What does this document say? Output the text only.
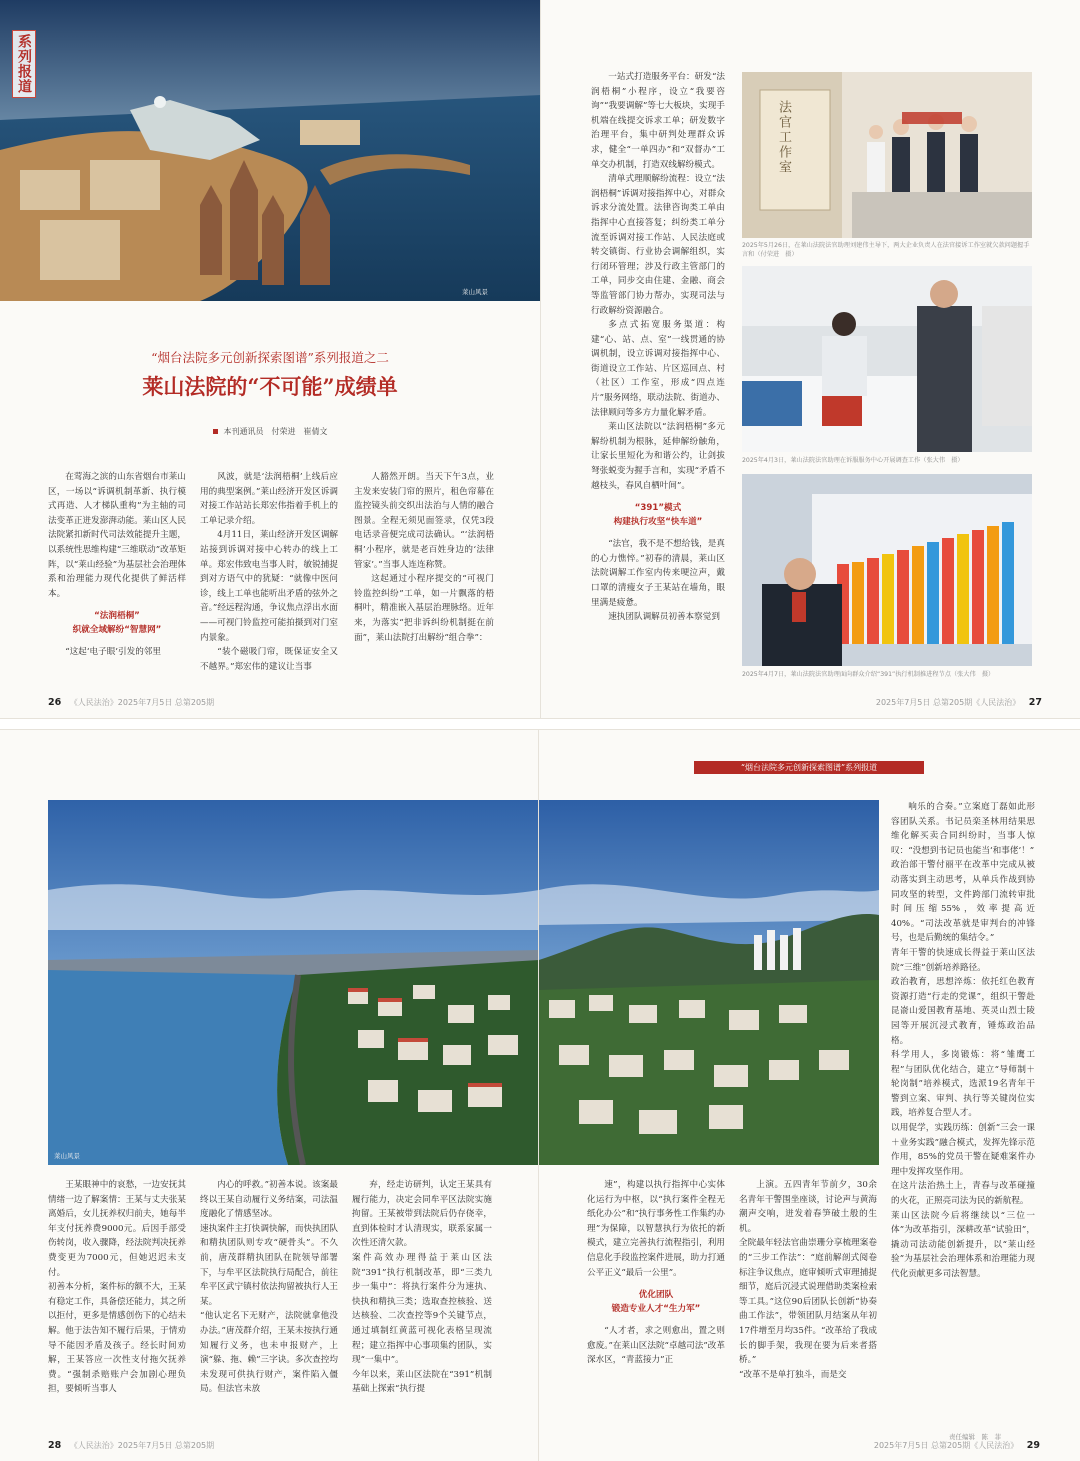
莱山风景
系列报道
“烟台法院多元创新探索图谱”系列报道之二
莱山法院的“不可能”成绩单
本刊通讯员　付荣进　崔倩文

在莺海之滨的山东省烟台市莱山区，一场以“诉调机制革新、执行模式再造、人才梯队重构”为主轴的司法变革正迸发澎湃动能。莱山区人民法院紧扣新时代司法效能提升主题，以系统性思维构建“三维联动”改革矩阵，以“莱山经验”为基层社会治理体系和治理能力现代化提供了鲜活样本。

“法润梧桐”
织就全域解纷“智慧网”

“这起‘电子眼’引发的邻里

风波，就是‘法润梧桐’上线后应用的典型案例。”莱山经济开发区诉调对接工作站站长郑宏伟指着手机上的工单记录介绍。

4月11日，莱山经济开发区调解站接到诉调对接中心转办的线上工单。郑宏伟致电当事人时，敏锐捕捉到对方语气中的犹疑：“就像中医问诊，线上工单也能听出矛盾的弦外之音。”经远程沟通，争议焦点浮出水面——可视门铃监控可能拍摄到对门室内景象。

“装个磁吸门帘，既保证安全又不越界。”郑宏伟的建议让当事

人豁然开朗。当天下午3点，业主发来安装门帘的照片，租色帘幕在监控镜头前交织出法治与人情的融合图景。全程无须见面签录，仅凭3段电话录音便完成司法确认。“‘法润梧桐’小程序，就是老百姓身边的‘法律管家’。”当事人连连称赞。

这起通过小程序提交的“可视门铃监控纠纷”工单，如一片飘落的梧桐叶，精准嵌入基层治理脉络。近年来，为落实“把非诉纠纷机制挺在前面”，莱山法院打出解纷“组合拳”：

26 《人民法治》2025年7月5日 总第205期

一站式打造服务平台：研发“法润梧桐”小程序，设立“我要咨询”“我要调解”等七大板块，实现手机端在线提交诉求工单；研发数字治理平台，集中研判处理群众诉求，健全“一单四办”和“双督办”工单交办机制，打造双线解纷模式。

清单式理顺解纷流程：设立“法润梧桐”诉调对接指挥中心，对群众诉求分流处置。法律咨询类工单由指挥中心直接答复；纠纷类工单分流至诉调对接工作站、人民法庭或转交镇街、行业协会调解组织，实行闭环管理；涉及行政主管部门的工单，同步交由住建、金融、商会等监管部门协力帮办，实现司法与行政解纷资源融合。

多点式拓宽服务渠道：构建“心、站、点、室”一线贯通的协调机制，设立诉调对接指挥中心、街道设立工作站、片区巡回点、村（社区）工作室，形成“四点连片”服务网络，联动法院、街道办、法律顾问等多方力量化解矛盾。

莱山区法院以“法润梧桐”多元解纷机制为根脉，延伸解纷触角，让家长里短化为和谐公约，让剑拔弩张蜕变为握手言和，实现“矛盾不越枝头，春风自栖叶间”。

“391”模式
构建执行攻坚“快车道”

“法官，我不是不想给钱，是真的心力憔悴。”初春的清晨，莱山区法院调解工作室内传来哽泣声，戴口罩的清瘦女子王某站在墙角，眼里满是疲惫。

速执团队调解员初善本察觉到

法官工作室
2025年5月26日，在莱山法院法官助理刘建伟主导下，两大企业负责人在法官接诉工作室就欠款问题握手言和（付荣进　摄）
2025年4月3日，莱山法院法官助理在诉服服务中心开展调查工作（张大伟　摄）
2025年4月7日，莱山法院法官助理面向群众介绍“391”执行机制推进程节点（张大伟　摄）
2025年7月5日 总第205期《人民法治》 27
莱山风景
王某眼神中的哀愁，一边安抚其情绪一边了解案情：王某与丈夫张某离婚后，女儿抚养权归前夫，她每半年支付抚养费9000元。后因手部受伤转岗，收入骤降，经法院判决抚养费变更为7000元，但她迟迟未支付。
初善本分析，案件标的额不大，王某有稳定工作，具备偿还能力，其之所以拒付，更多是情感创伤下的心结未解。他于法告知不履行后果，于情劝导不能因矛盾及孩子。经长时间劝解，王某答应一次性支付拖欠抚养费。“强制杀赔账户会加剧心理负担，要倾听当事人
内心的呼救。”初善本说。该案最终以王某自动履行义务结案，司法温度融化了情感坚冰。
速执案件主打快调快解，而快执团队和精执团队则专攻“硬骨头”。不久前，唐茂群精执团队在院领导部署下，与牟平区法院执行局配合，前往牟平区武宁镇村依法拘留被执行人王某。
“他认定名下无财产，法院就拿他没办法。”唐茂群介绍，王某未按执行通知履行义务，也未申报财产，上演“躲、拖、赖”三字诀。多次查控均未发现可供执行财产，案件陷入僵局。但法官未放
弃，经走访研判，认定王某具有履行能力，决定会同牟平区法院实施拘留。王某被带到法院后仍存侥幸，直到体检时才认清现实，联系家属一次性还清欠款。
案件高效办理得益于莱山区法院“391”执行机制改革，即“三类九步一集中”：将执行案件分为速执、快执和精执三类；选取查控核验、送达核验、二次查控等9个关键节点，通过填制红黄蓝可视化表格呈现流程；建立指挥中心事项集约团队，实现“一集中”。
今年以来，莱山区法院在“391”机制基础上探索“执行提
28 《人民法治》2025年7月5日 总第205期
“烟台法院多元创新探索图谱”系列报道
响乐的合奏。”立案庭丁磊如此形容团队关系。书记员栾圣林用结果思维化解买卖合同纠纷时，当事人惊叹：“没想到书记员也能当‘和事佬’！”
政治部干警付丽平在改革中完成从被动落实到主动思考，从单兵作战到协同攻坚的转型，文件跨部门流转审批时间压缩55%，效率提高近40%。“司法改革就是审判台的冲锋号，也是后勤统的集结令。”
青年干警的快速成长得益于莱山区法院“三维”创新培养路径。
政治教育，思想淬炼：依托红色教育资源打造“行走的党课”，组织干警赴昆嵛山爱国教育基地、英灵山烈士陵园等开展沉浸式教育，锤炼政治品格。
科学用人，多岗锻炼：将“雏鹰工程”与团队优化结合，建立“导师制＋轮岗制”培养模式，选派19名青年干警到立案、审判、执行等关键岗位实践，培养复合型人才。
以用促学，实践历练：创新“三会一课＋业务实践”融合模式，发挥先锋示范作用，85%的党员干警在疑难案件办理中发挥攻坚作用。
在这片法治热土上，青春与改革碰撞的火花，正照亮司法为民的新航程。
莱山区法院今后将继续以“三位一体”为改革指引，深耕改革“试验田”，撬动司法动能创新提升，以“莱山经验”为基层社会治理体系和治理能力现代化贡献更多司法智慧。

速”，构建以执行指挥中心实体化运行为中枢，以“执行案件全程无纸化办公”和“执行事务性工作集约办理”为保障，以智慧执行为依托的新模式，建立完善执行流程指引，利用信息化手段监控案件进展，助力打通公平正义“最后一公里”。

优化团队
锻造专业人才“生力军”

“人才者，求之则愈出，置之则愈废。”在莱山区法院“卓越司法”改革深水区，“青蓝接力”正

上演。五四青年节前夕，30余名青年干警围坐座谈，讨论声与黄海潮声交响，迸发着春笋破土般的生机。
全院最年轻法官曲崇珊分享梳理案卷的“三步工作法”：“庭前解剖式阅卷标注争议焦点，庭审倾听式审理捕捉细节，庭后沉浸式说理借助类案检索等工具。”这位90后团队长创新“协奏曲工作法”，带领团队月结案从年初17件增至月均35件。“改革给了我成长的脚手架，我现在要为后来者搭桥。”
“改革不是单打独斗，而是交
责任编辑　陈　菲
2025年7月5日 总第205期《人民法治》 29
